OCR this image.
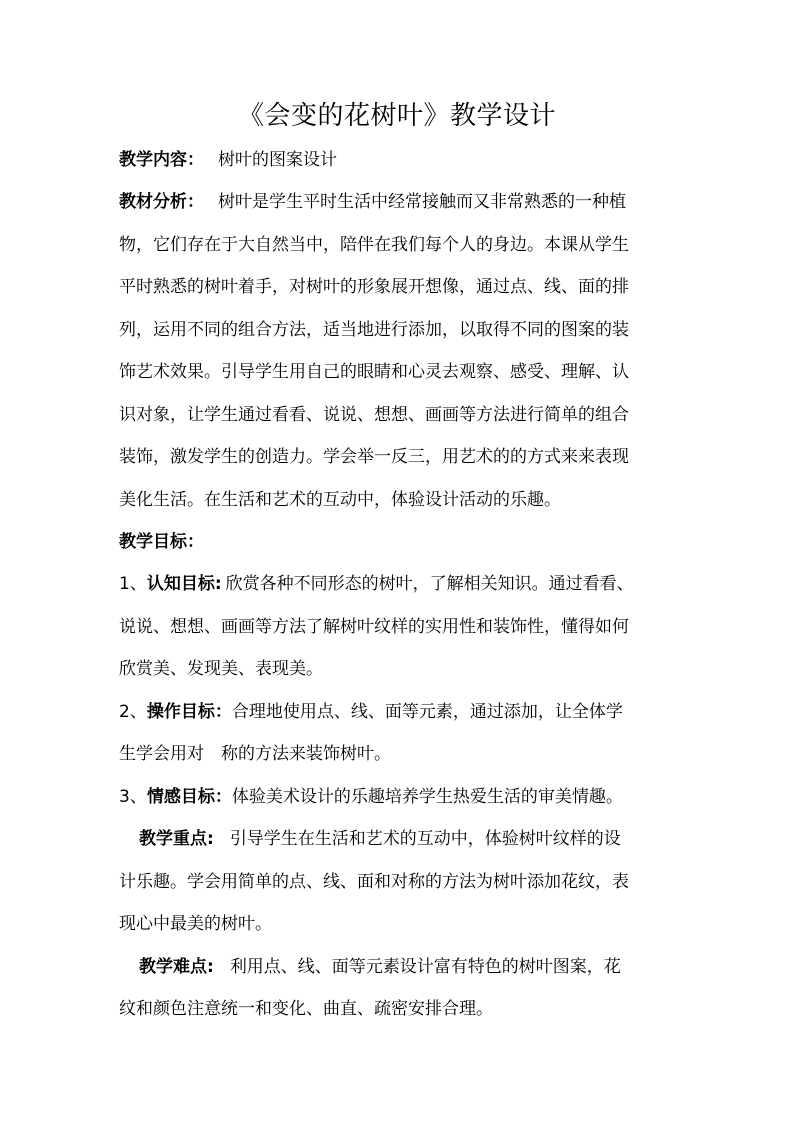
《会变的花树叶》教学设计
教学内容： 树叶的图案设计
教材分析： 树叶是学生平时生活中经常接触而又非常熟悉的一种植
物，它们存在于大自然当中，陪伴在我们每个人的身边。本课从学生
平时熟悉的树叶着手，对树叶的形象展开想像，通过点、线、面的排
列，运用不同的组合方法，适当地进行添加，以取得不同的图案的装
饰艺术效果。引导学生用自己的眼睛和心灵去观察、感受、理解、认
识对象，让学生通过看看、说说、想想、画画等方法进行简单的组合
装饰，激发学生的创造力。学会举一反三，用艺术的的方式来来表现
美化生活。在生活和艺术的互动中，体验设计活动的乐趣。
教学目标：
1、认知目标: 欣赏各种不同形态的树叶，了解相关知识。通过看看、
说说、想想、画画等方法了解树叶纹样的实用性和装饰性，懂得如何
欣赏美、发现美、表现美。
2、操作目标：合理地使用点、线、面等元素，通过添加，让全体学
生学会用对　称的方法来装饰树叶。
3、情感目标：体验美术设计的乐趣培养学生热爱生活的审美情趣。
教学重点: 引导学生在生活和艺术的互动中，体验树叶纹样的设
计乐趣。学会用简单的点、线、面和对称的方法为树叶添加花纹，表
现心中最美的树叶。
教学难点: 利用点、线、面等元素设计富有特色的树叶图案，花
纹和颜色注意统一和变化、曲直、疏密安排合理。
